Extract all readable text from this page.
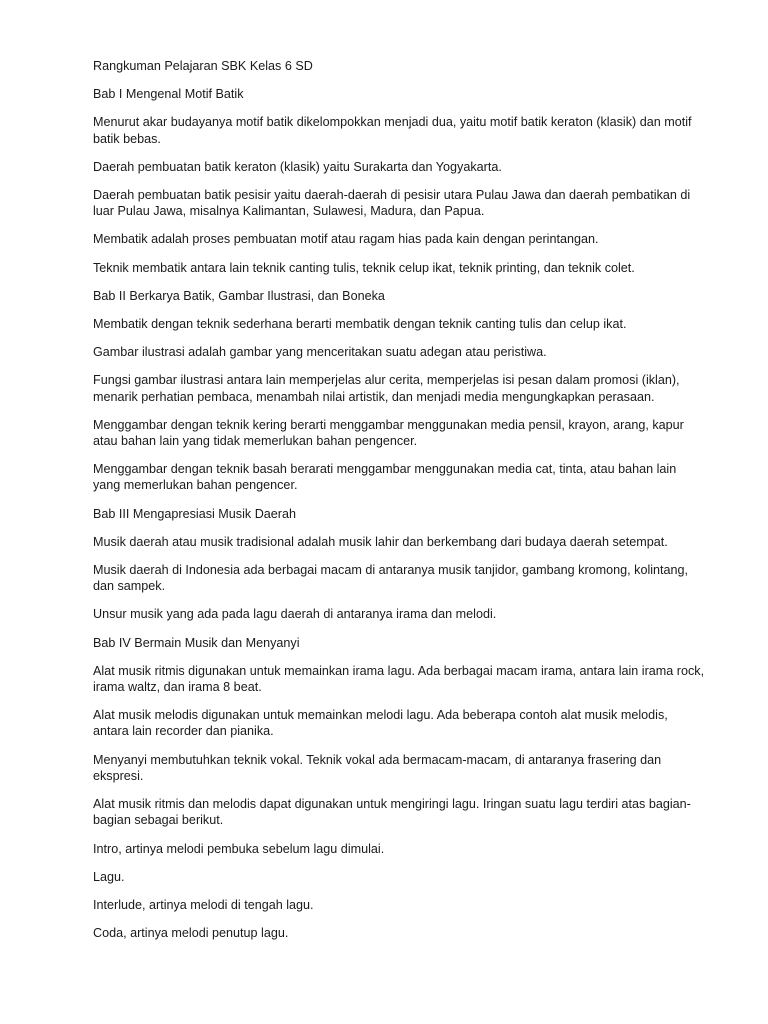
Rangkuman Pelajaran SBK Kelas 6 SD

Bab I Mengenal Motif Batik

Menurut akar budayanya motif batik dikelompokkan menjadi dua, yaitu motif batik keraton (klasik) dan motif batik bebas.

Daerah pembuatan batik keraton (klasik) yaitu Surakarta dan Yogyakarta.

Daerah pembuatan batik pesisir yaitu daerah-daerah di pesisir utara Pulau Jawa dan daerah pembatikan di luar Pulau Jawa, misalnya Kalimantan, Sulawesi, Madura, dan Papua.

Membatik adalah proses pembuatan motif atau ragam hias pada kain dengan perintangan.

Teknik membatik antara lain teknik canting tulis, teknik celup ikat, teknik printing, dan teknik colet.

Bab II Berkarya Batik, Gambar Ilustrasi, dan Boneka

Membatik dengan teknik sederhana berarti membatik dengan teknik canting tulis dan celup ikat.

Gambar ilustrasi adalah gambar yang menceritakan suatu adegan atau peristiwa.

Fungsi gambar ilustrasi antara lain memperjelas alur cerita, memperjelas isi pesan dalam promosi (iklan), menarik perhatian pembaca, menambah nilai artistik, dan menjadi media mengungkapkan perasaan.

Menggambar dengan teknik kering berarti menggambar menggunakan media pensil, krayon, arang, kapur atau bahan lain yang tidak memerlukan bahan pengencer.

Menggambar dengan teknik basah berarati menggambar menggunakan media cat, tinta, atau bahan lain yang memerlukan bahan pengencer.

Bab III Mengapresiasi Musik Daerah

Musik daerah atau musik tradisional adalah musik lahir dan berkembang dari budaya daerah setempat.

Musik daerah di Indonesia ada berbagai macam di antaranya musik tanjidor, gambang kromong, kolintang, dan sampek.

Unsur musik yang ada pada lagu daerah di antaranya irama dan melodi.

Bab IV Bermain Musik dan Menyanyi

Alat musik ritmis digunakan untuk memainkan irama lagu. Ada berbagai macam irama, antara lain irama rock, irama waltz, dan irama 8 beat.

Alat musik melodis digunakan untuk memainkan melodi lagu. Ada beberapa contoh alat musik melodis, antara lain recorder dan pianika.

Menyanyi membutuhkan teknik vokal. Teknik vokal ada bermacam-macam, di antaranya frasering dan ekspresi.

Alat musik ritmis dan melodis dapat digunakan untuk mengiringi lagu. Iringan suatu lagu terdiri atas bagian-bagian sebagai berikut.

Intro, artinya melodi pembuka sebelum lagu dimulai.

Lagu.

Interlude, artinya melodi di tengah lagu.

Coda, artinya melodi penutup lagu.
